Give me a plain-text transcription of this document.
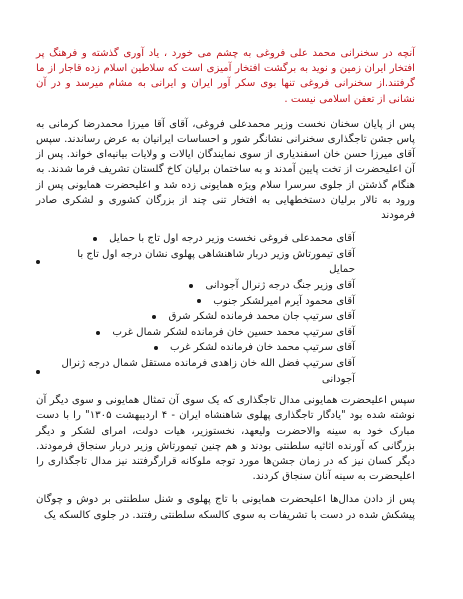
آنچه در سخنرانی محمد علی فروغی به چشم می خورد ، یاد آوری گذشته و فرهنگ پر افتخار ایران زمین و نوید به برگشت افتخار آمیزی است که سلاطین اسلام زده قاجار از ما گرفتند.از سخنرانی فروغی تنها بوی سکر آور ایران و ایرانی به مشام میرسد و در آن نشانی از تعفن اسلامی نیست .

پس از پایان سخنان نخست وزیر محمدعلی فروغی، آقای آقا میرزا محمدرضا کرمانی به پاس جشن تاجگذاری سخنرانی نشانگر شور و احساسات ایرانیان به عرض رساندند. سپس آقای میرزا حسن خان اسفندیاری از سوی نمایندگان ایالات و ولایات بیانیه‌ای خواند. پس از آن اعلیحضرت از تخت پایین آمدند و به ساختمان برلیان کاخ گلستان تشریف فرما شدند. به هنگام گذشتن از جلوی سرسرا سلام ویژه همایونی زده شد و اعلیحضرت همایونی پس از ورود به تالار برلیان دستخطهایی به افتخار تنی چند از بزرگان کشوری و لشکری صادر فرمودند

آقای محمدعلی فروغی نخست وزیر درجه اول تاج با حمایل
آقای تیمورتاش وزیر دربار شاهنشاهی پهلوی نشان درجه اول تاج با حمایل
آقای وزیر جنگ درجه ژنرال آجودانی
آقای محمود آیرم امیرلشکر جنوب
آقای سرتیپ جان محمد فرمانده لشکر شرق
آقای سرتیپ محمد حسین خان فرمانده لشکر شمال غرب
آقای سرتیپ محمد خان فرمانده لشکر غرب
آقای سرتیپ فضل الله خان زاهدی فرمانده مستقل شمال درجه ژنرال آجودانی

سپس اعلیحضرت همایونی مدال تاجگذاری که یک سوی آن تمثال همایونی و سوی دیگر آن نوشته شده بود "یادگار تاجگذاری پهلوی شاهنشاه ایران - ۴ اردیبهشت ۱۳۰۵" را با دست مبارک خود به سینه والاحضرت ولیعهد، نخستوزیر، هیات دولت، امرای لشکر و دیگر بزرگانی که آورنده اثاثیه سلطنتی بودند و هم چنین تیمورتاش وزیر دربار سنجاق فرمودند. دیگر کسان نیز که در زمان جشن‌ها مورد توجه ملوکانه قرارگرفتند نیز مدال تاجگذاری را اعلیحضرت به سینه آنان سنجاق کردند.

پس از دادن مدال‌ها اعلیحضرت همایونی با تاج پهلوی و شنل سلطنتی بر دوش و چوگان پیشکش شده در دست با تشریفات به سوی کالسکه سلطنتی رفتند. در جلوی کالسکه یک
